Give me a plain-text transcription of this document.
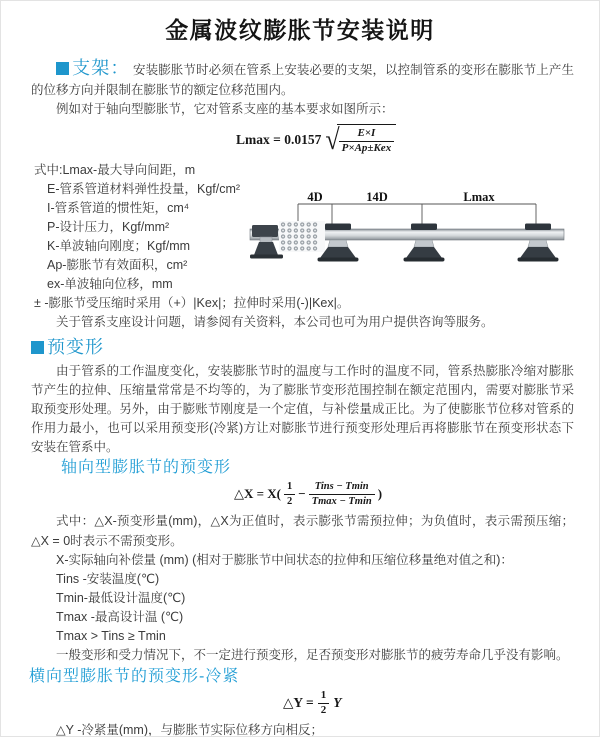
金属波纹膨胀节安装说明

支架： 安装膨胀节时必须在管系上安装必要的支架，以控制管系的变形在膨胀节上产生的位移方向并限制在膨胀节的额定位移范围内。

例如对于轴向型膨胀节，它对管系支座的基本要求如图所示：

Lmax = 0.0157 √ $\frac{E\times I}{\text{P×Ap±Kex}}$
式中:Lmax-最大导向间距，m
E-管系管道材料弹性投量，Kgf/cm²
I-管系管道的惯性矩，cm⁴
P-设计压力，Kgf/mm²
K-单波轴向刚度；Kgf/mm
Ap-膨胀节有效面积，cm²
ex-单波轴向位移，mm
4D	14D	Lmax
± -膨胀节受压缩时采用（+）|Kex|；拉伸时采用(-)|Kex|。
关于管系支座设计问题，请参阅有关资料，本公司也可为用户提供咨询等服务。
预变形

由于管系的工作温度变化，安装膨胀节时的温度与工作时的温度不同，管系热膨胀冷缩对膨胀节产生的拉伸、压缩量常常是不均等的，为了膨胀节变形范围控制在额定范围内，需要对膨胀节采取预变形处理。另外，由于膨账节刚度是一个定值，与补偿量成正比。为了使膨胀节位移对管系的作用力最小，也可以采用预变形(冷紧)方让对膨胀节进行预变形处理后再将膨胀节在预变形状态下安装在管系中。

轴向型膨胀节的预变形
△X = $X( \frac{1}{2} - \frac{\text{Tins − Tmin}}{Tmax - Tmin}$ )

式中：△X-预变形量(mm)，△X为正值时，表示膨张节需预拉伸；为负值时，表示需预压缩；△X = 0时表示不需预变形。

X-实际轴向补偿量 (mm) (相对于膨胀节中间状态的拉伸和压缩位移量绝对值之和)：
Tins -安装温度(℃)
Tmin-最低设计温度(℃)
Tmax -最高设计温 (℃)
Tmax > Tins ≥ Tmin
一般变形和受力情况下，不一定进行预变形，足否预变形对膨胀节的疲劳寿命几乎没有影响。
横向型膨胀节的预变形-冷紧
△Y = $\frac{1}{2}$ Y
△Y -冷紧量(mm)，与膨胀节实际位移方向相反；
